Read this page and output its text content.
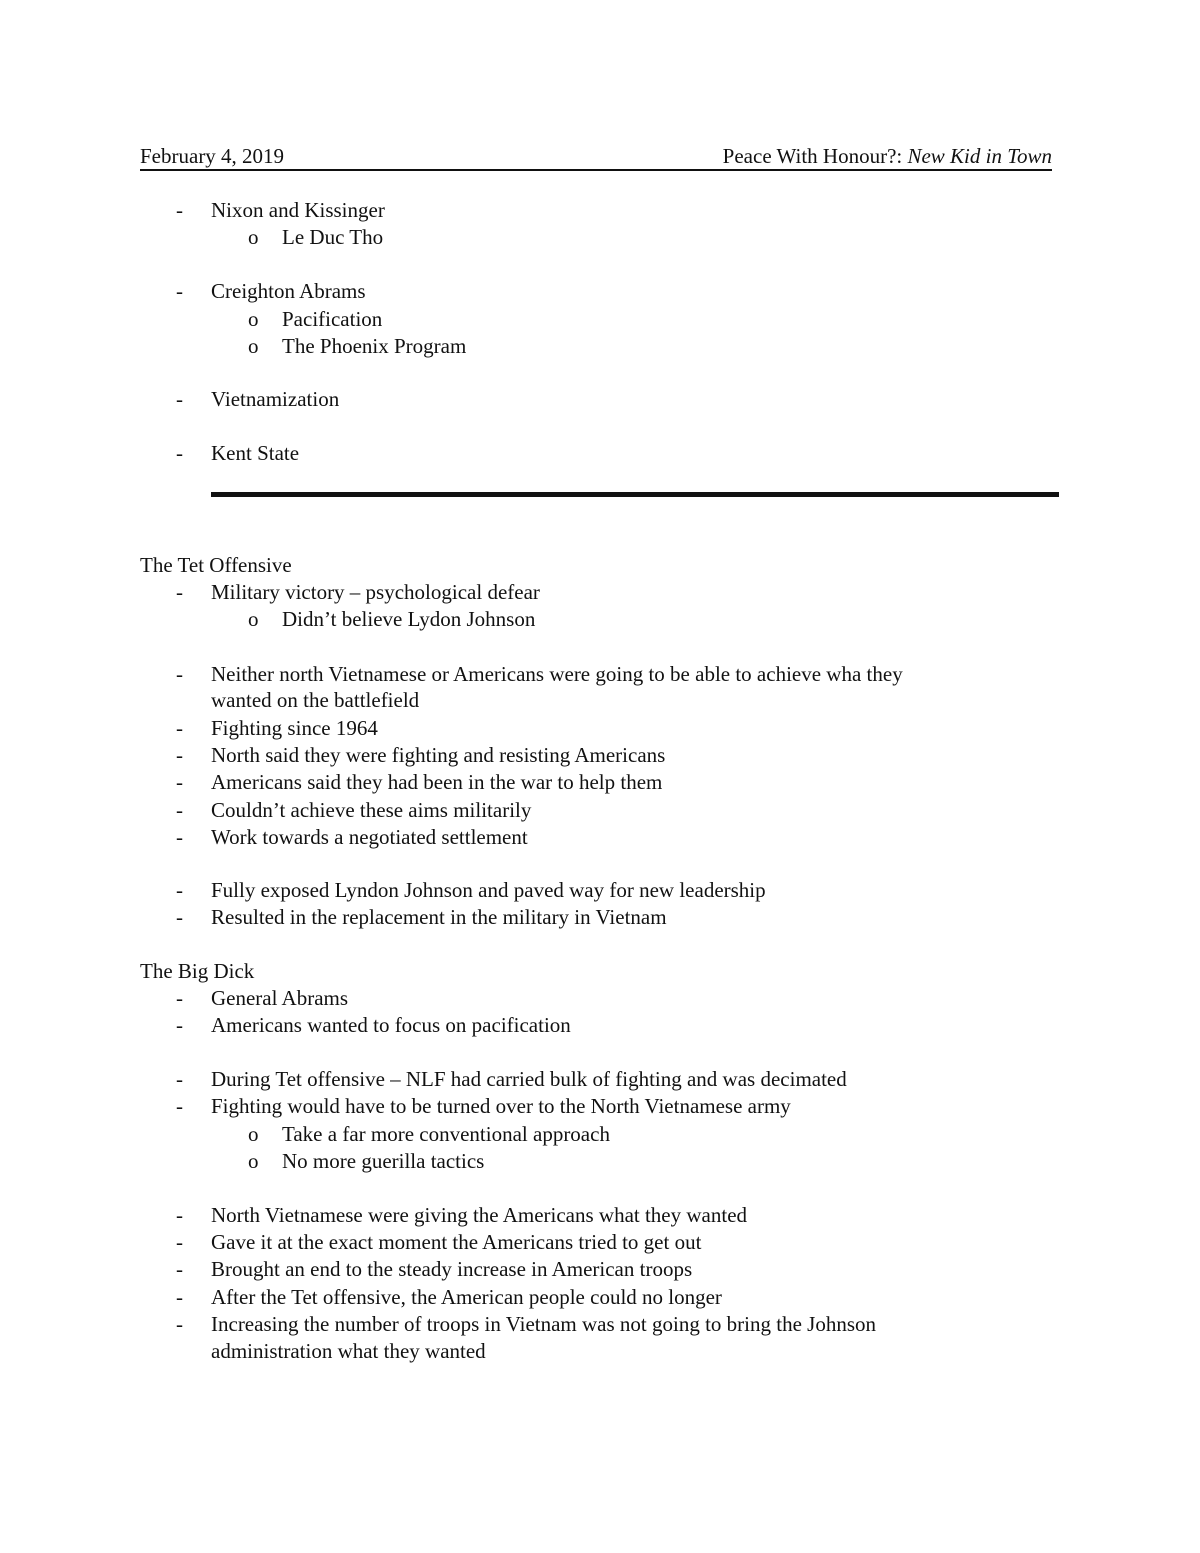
February 4, 2019	Peace With Honour?: New Kid in Town
- Nixon and Kissinger
o Le Duc Tho
- Creighton Abrams
o Pacification
o The Phoenix Program
- Vietnamization
- Kent State
The Tet Offensive
- Military victory – psychological defear
o Didn’t believe Lydon Johnson
- Neither north Vietnamese or Americans were going to be able to achieve wha they
wanted on the battlefield
- Fighting since 1964
- North said they were fighting and resisting Americans
- Americans said they had been in the war to help them
- Couldn’t achieve these aims militarily
- Work towards a negotiated settlement
- Fully exposed Lyndon Johnson and paved way for new leadership
- Resulted in the replacement in the military in Vietnam
The Big Dick
- General Abrams
- Americans wanted to focus on pacification
- During Tet offensive – NLF had carried bulk of fighting and was decimated
- Fighting would have to be turned over to the North Vietnamese army
o Take a far more conventional approach
o No more guerilla tactics
- North Vietnamese were giving the Americans what they wanted
- Gave it at the exact moment the Americans tried to get out
- Brought an end to the steady increase in American troops
- After the Tet offensive, the American people could no longer
- Increasing the number of troops in Vietnam was not going to bring the Johnson
administration what they wanted
